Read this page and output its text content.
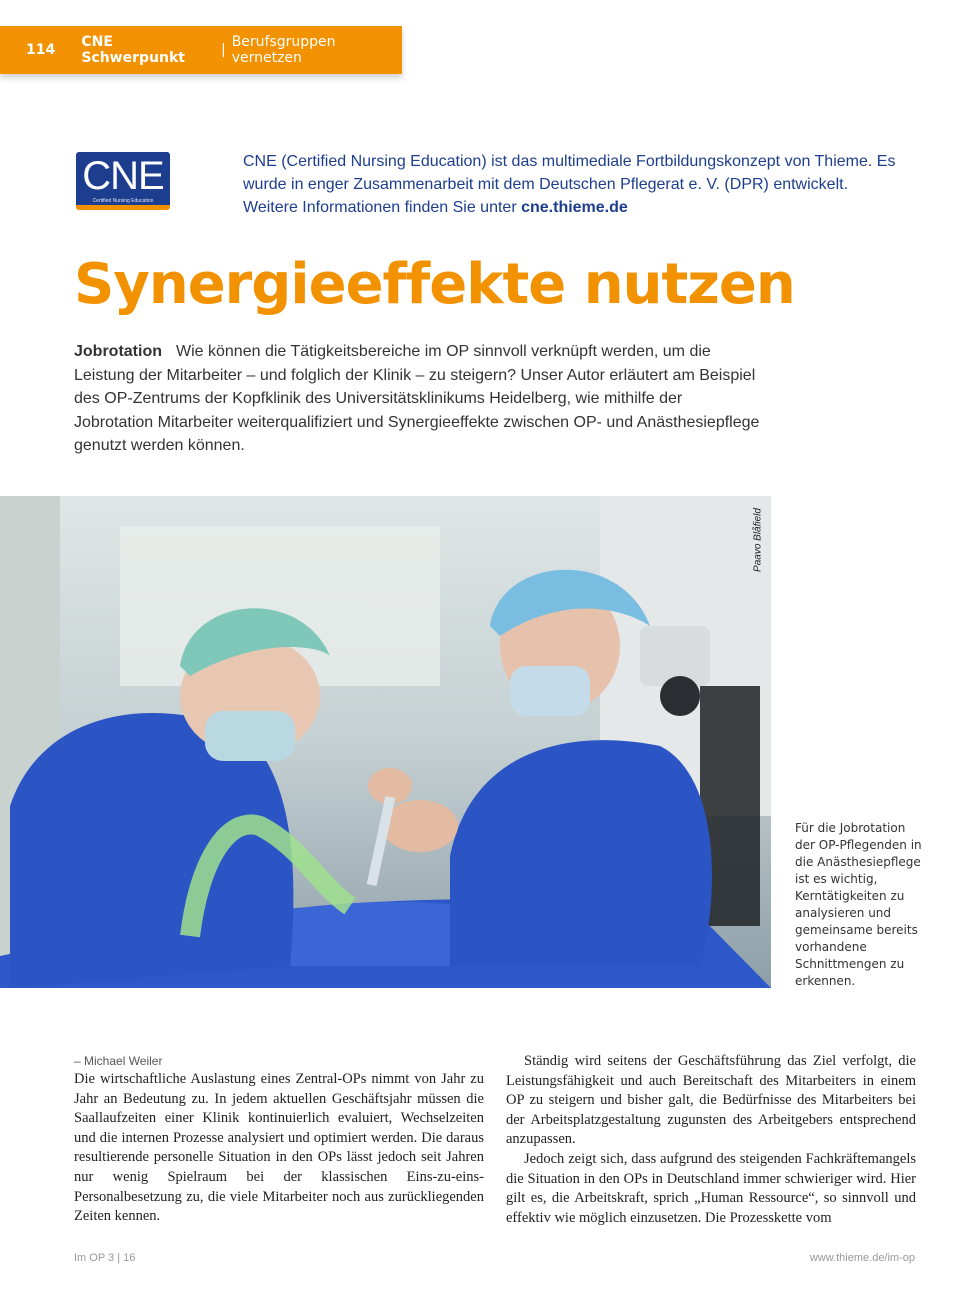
114	CNE Schwerpunkt	| Berufsgruppen vernetzen
CNE
Certified Nursing Education
CNE (Certified Nursing Education) ist das multimediale Fortbildungskonzept von Thieme. Es
wurde in enger Zusammenarbeit mit dem Deutschen Pflegerat e. V. (DPR) entwickelt.
Weitere Informationen finden Sie unter cne.thieme.de
Synergieeffekte nutzen
Jobrotation Wie können die Tätigkeitsbereiche im OP sinnvoll verknüpft werden, um die Leistung der Mitarbeiter – und folglich der Klinik – zu steigern? Unser Autor erläutert am Beispiel des OP-Zentrums der Kopfklinik des Universitätsklinikums Heidelberg, wie mithilfe der Jobrotation Mitarbeiter weiterqualifiziert und Synergieeffekte zwischen OP- und Anästhesiepflege genutzt werden können.
Paavo Blåfield
Für die Jobrotation der OP-Pflegenden in die Anästhesiepflege ist es wichtig, Kerntätigkeiten zu analysieren und gemeinsame bereits vorhandene Schnittmengen zu erkennen.
– Michael Weiler

Die wirtschaftliche Auslastung eines Zentral-OPs nimmt von Jahr zu Jahr an Bedeutung zu. In jedem aktuellen Geschäftsjahr müssen die Saallaufzeiten einer Klinik kontinuierlich evaluiert, Wechselzeiten und die internen Prozesse analysiert und optimiert werden. Die daraus resultierende personelle Situation in den OPs lässt jedoch seit Jahren nur wenig Spielraum bei der klassischen Eins-zu-eins-Personalbesetzung zu, die viele Mitarbeiter noch aus zurückliegenden Zeiten kennen.

Ständig wird seitens der Geschäftsführung das Ziel verfolgt, die Leistungsfähigkeit und auch Bereitschaft des Mitarbeiters in einem OP zu steigern und bisher galt, die Bedürfnisse des Mitarbeiters bei der Arbeitsplatzgestaltung zugunsten des Arbeitgebers entsprechend anzupassen.

Jedoch zeigt sich, dass aufgrund des steigenden Fachkräftemangels die Situation in den OPs in Deutschland immer schwieriger wird. Hier gilt es, die Arbeitskraft, sprich „Human Ressource“, so sinnvoll und effektiv wie möglich einzusetzen. Die Prozesskette vom

Im OP 3 | 16	www.thieme.de/im-op
